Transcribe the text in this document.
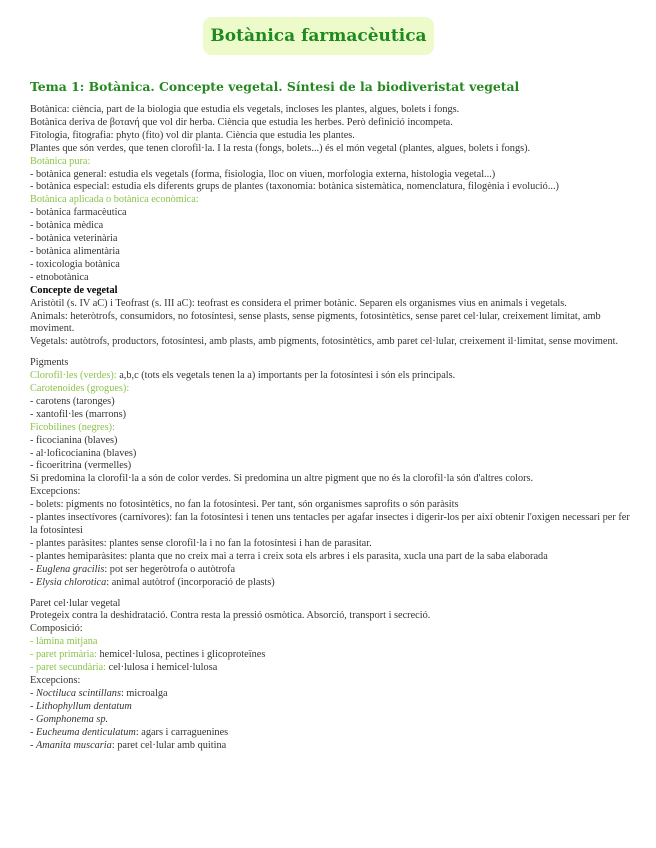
Botànica farmacèutica
Tema 1: Botànica. Concepte vegetal. Síntesi de la biodiveristat vegetal

Botànica: ciència, part de la biologia que estudia els vegetals, incloses les plantes, algues, bolets i fongs.

Botànica deriva de βοτανή que vol dir herba. Ciència que estudia les herbes. Però definició incompeta.

Fitologia, fitografia: phyto (fito) vol dir planta. Ciència que estudia les plantes.

Plantes que són verdes, que tenen clorofil·la. I la resta (fongs, bolets...) és el món vegetal (plantes, algues, bolets i fongs).

Botànica pura:

- botànica general: estudia els vegetals (forma, fisiologia, lloc on viuen, morfologia externa, histologia vegetal...)

- botànica especial: estudia els diferents grups de plantes (taxonomia: botànica sistemàtica, nomenclatura, filogènia i evolució...)

Botànica aplicada o botànica econòmica:

- botànica farmacèutica

- botànica mèdica

- botànica veterinària

- botànica alimentària

- toxicologia botànica

- etnobotànica

Concepte de vegetal

Aristòtil (s. IV aC) i Teofrast (s. III aC): teofrast es considera el primer botànic. Separen els organismes vius en animals i vegetals.

Animals: heteròtrofs, consumidors, no fotosíntesi, sense plasts, sense pigments, fotosintètics, sense paret cel·lular, creixement limitat, amb moviment.

Vegetals: autòtrofs, productors, fotosíntesi, amb plasts, amb pigments, fotosintètics, amb paret cel·lular, creixement il·limitat, sense moviment.

Pigments

Clorofil·les (verdes): a,b,c (tots els vegetals tenen la a) importants per la fotosíntesi i són els principals.

Carotenoides (grogues):

- carotens (taronges)

- xantofil·les (marrons)

Ficobilines (negres):

- ficocianina (blaves)

- al·loficocianina (blaves)

- ficoeritrina (vermelles)

Si predomina la clorofil·la a són de color verdes. Si predomina un altre pigment que no és la clorofil·la són d'altres colors.

Excepcions:

- bolets: pigments no fotosintètics, no fan la fotosíntesi. Per tant, són organismes saprofits o són paràsits

- plantes insectívores (carnívores): fan la fotosíntesi i tenen uns tentacles per agafar insectes i digerir-los per així obtenir l'oxigen necessari per fer la fotosíntesi

- plantes paràsites: plantes sense clorofil·la i no fan la fotosíntesi i han de parasitar.

- plantes hemiparàsites: planta que no creix mai a terra i creix sota els arbres i els parasita, xucla una part de la saba elaborada

- Euglena gracilis: pot ser hegeròtrofa o autòtrofa

- Elysia chlorotica: animal autòtrof (incorporació de plasts)

Paret cel·lular vegetal

Protegeix contra la deshidratació. Contra resta la pressió osmòtica. Absorció, transport i secreció.

Composició:

- làmina mitjana

- paret primària: hemicel·lulosa, pectines i glicoproteïnes

- paret secundària: cel·lulosa i hemicel·lulosa

Excepcions:

- Noctiluca scintillans: microalga

- Lithophyllum dentatum

- Gomphonema sp.

- Eucheuma denticulatum: agars i carraguenines

- Amanita muscaria: paret cel·lular amb quitina
